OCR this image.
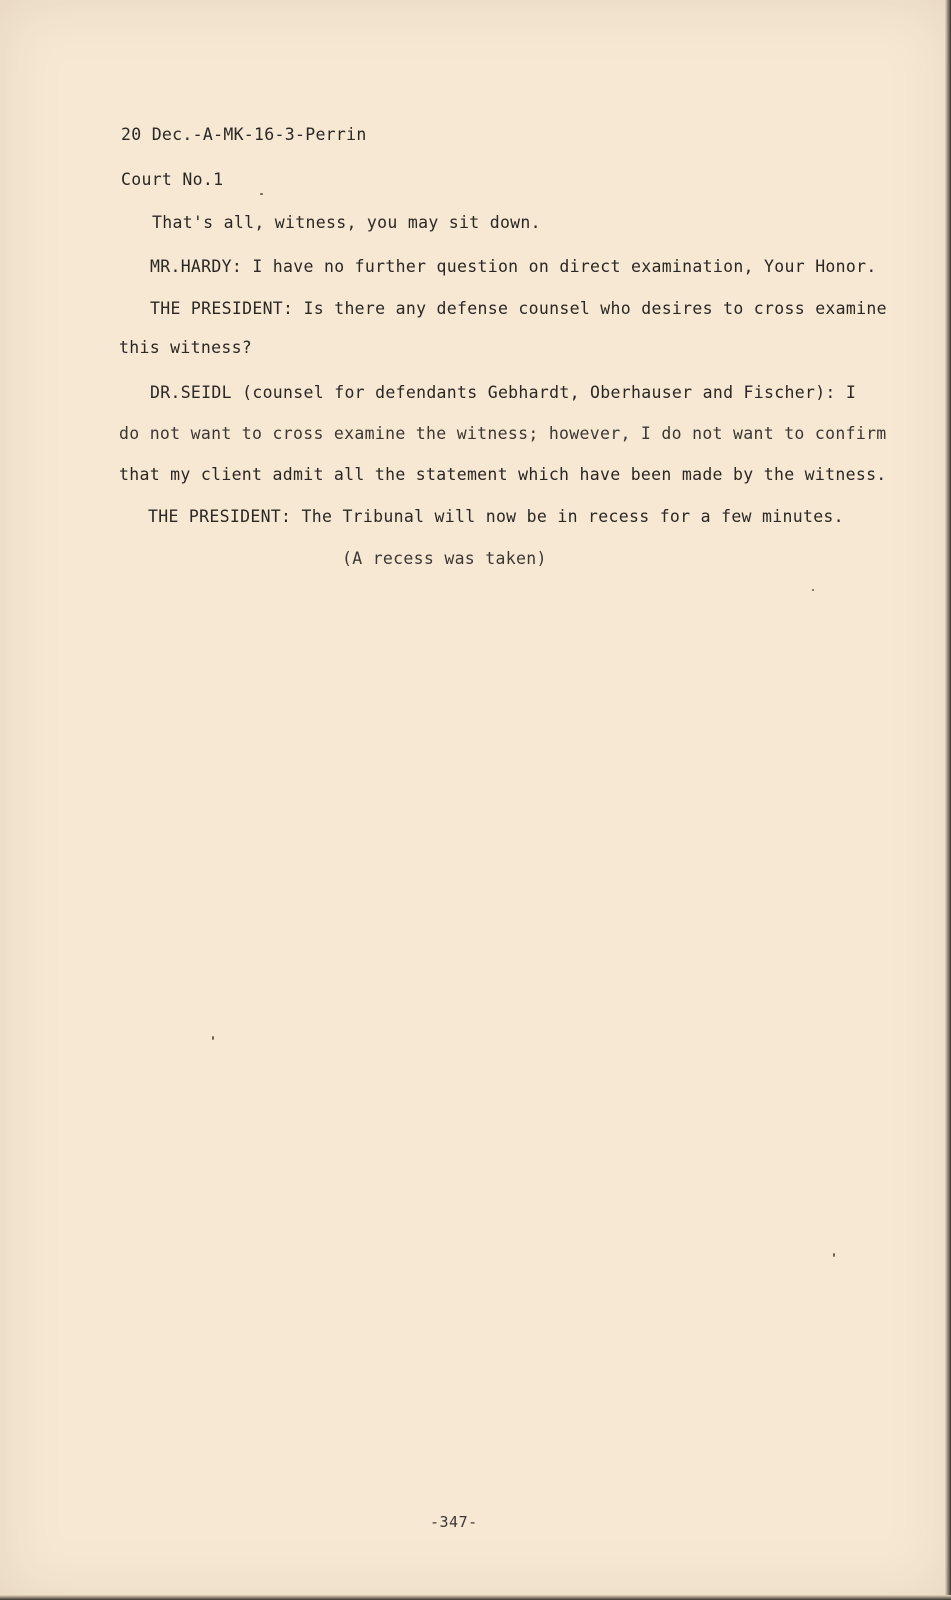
20 Dec.-A-MK-16-3-Perrin
Court No.1
That's all, witness, you may sit down.
MR.HARDY: I have no further question on direct examination, Your Honor.
THE PRESIDENT: Is there any defense counsel who desires to cross examine
this witness?
DR.SEIDL (counsel for defendants Gebhardt, Oberhauser and Fischer): I
do not want to cross examine the witness; however, I do not want to confirm
that my client admit all the statement which have been made by the witness.
THE PRESIDENT: The Tribunal will now be in recess for a few minutes.
(A recess was taken)
-347-
